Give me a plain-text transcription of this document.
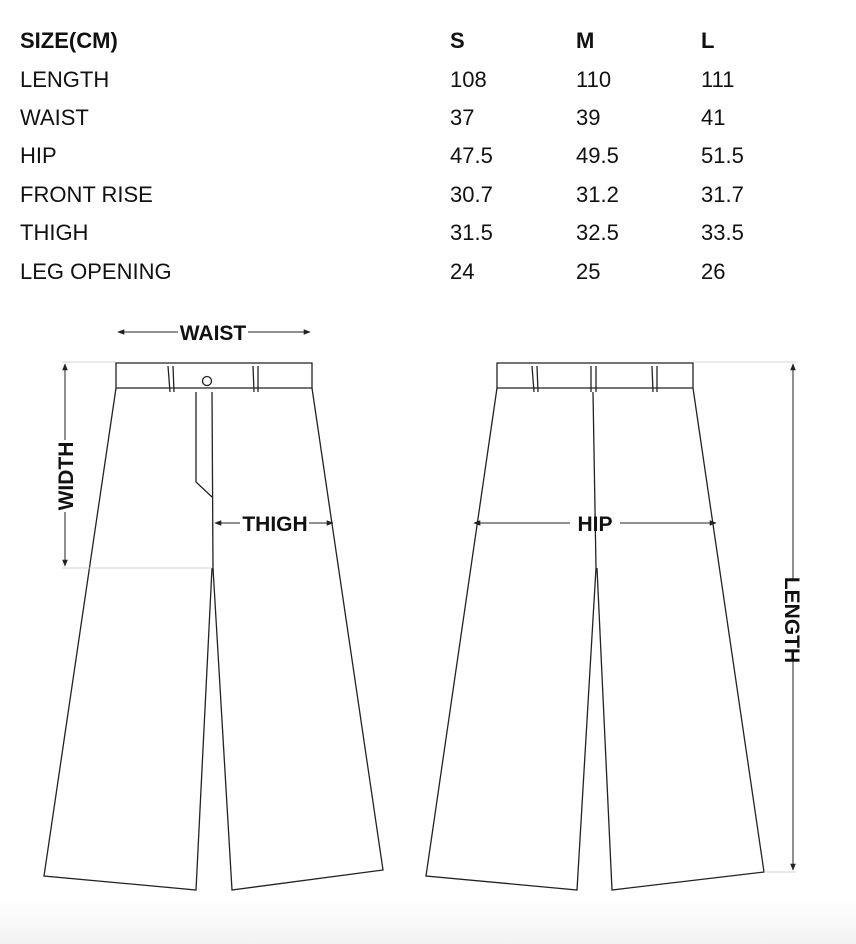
SIZE(CM)	S	M	L
LENGTH	108	110	111
WAIST	37	39	41
HIP	47.5	49.5	51.5
FRONT RISE	30.7	31.2	31.7
THIGH	31.5	32.5	33.5
LEG OPENING	24	25	26
WAIST
WIDTH
THIGH	HIP
LENGTH
